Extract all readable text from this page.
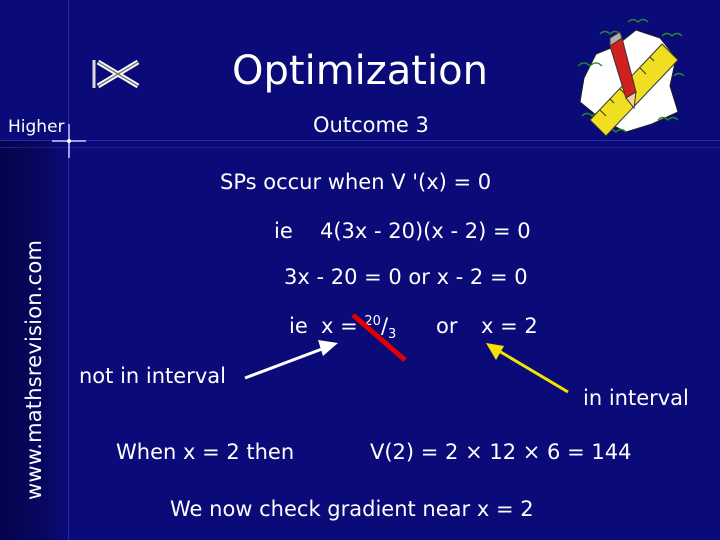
Optimization
Higher	Outcome 3
www.mathsrevision.com
SPs occur when V '(x) = 0
ie 4(3x - 20)(x - 2) = 0
3x - 20 = 0 or x - 2 = 0
ie $x = ^{20}/_3$ or x = 2
not in interval
in interval
When x = 2 then	V(2) = 2 × 12 × 6 = 144
We now check gradient near x = 2
